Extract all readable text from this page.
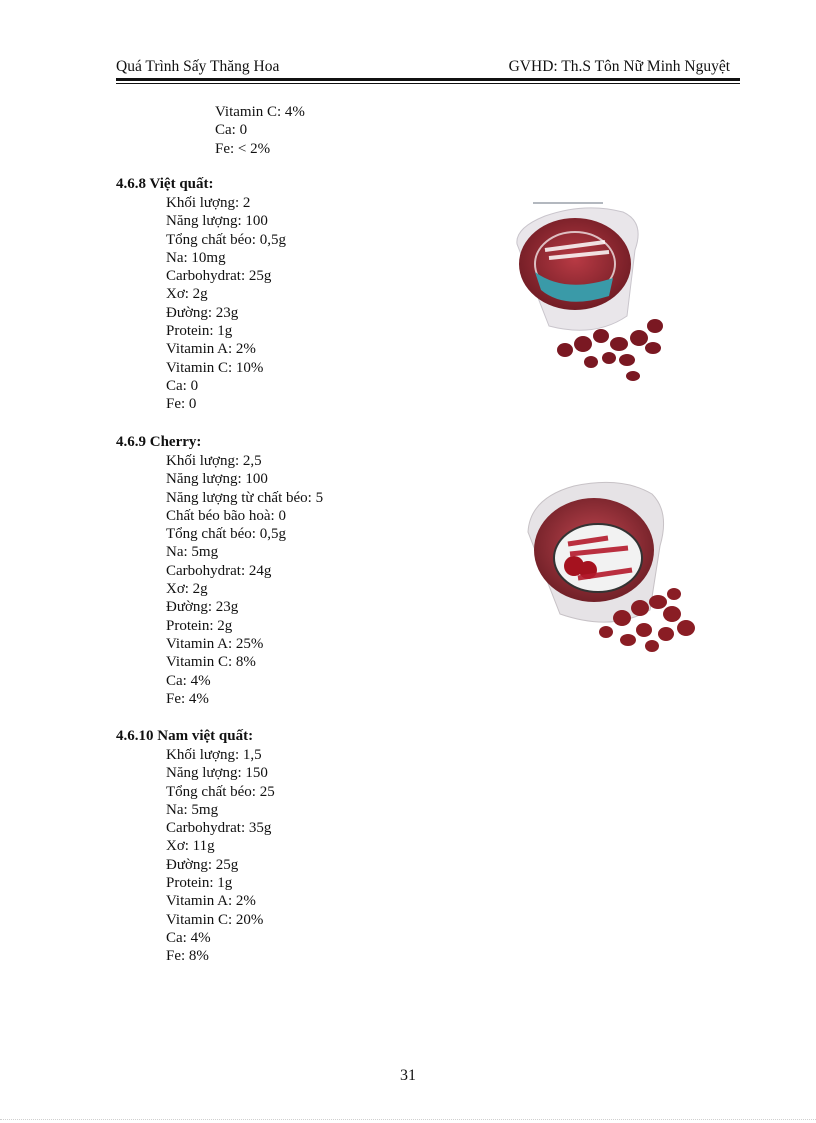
Quá Trình Sấy Thăng Hoa	GVHD: Th.S Tôn Nữ Minh Nguyệt
Vitamin C: 4%
Ca: 0
Fe: < 2%
4.6.8 Việt quất:
Khối lượng: 2
Năng lượng: 100
Tổng chất béo: 0,5g
Na: 10mg
Carbohydrat: 25g
Xơ: 2g
Đường: 23g
Protein: 1g
Vitamin A: 2%
Vitamin C: 10%
Ca: 0
Fe: 0
4.6.9 Cherry:
Khối lượng: 2,5
Năng lượng: 100
Năng lượng từ chất béo: 5
Chất béo bão hoà: 0
Tổng chất béo: 0,5g
Na: 5mg
Carbohydrat: 24g
Xơ: 2g
Đường: 23g
Protein: 2g
Vitamin A: 25%
Vitamin C: 8%
Ca: 4%
Fe: 4%
4.6.10 Nam việt quất:
Khối lượng: 1,5
Năng lượng: 150
Tổng chất béo: 25
Na: 5mg
Carbohydrat: 35g
Xơ: 11g
Đường: 25g
Protein: 1g
Vitamin A: 2%
Vitamin C: 20%
Ca: 4%
Fe: 8%
31
